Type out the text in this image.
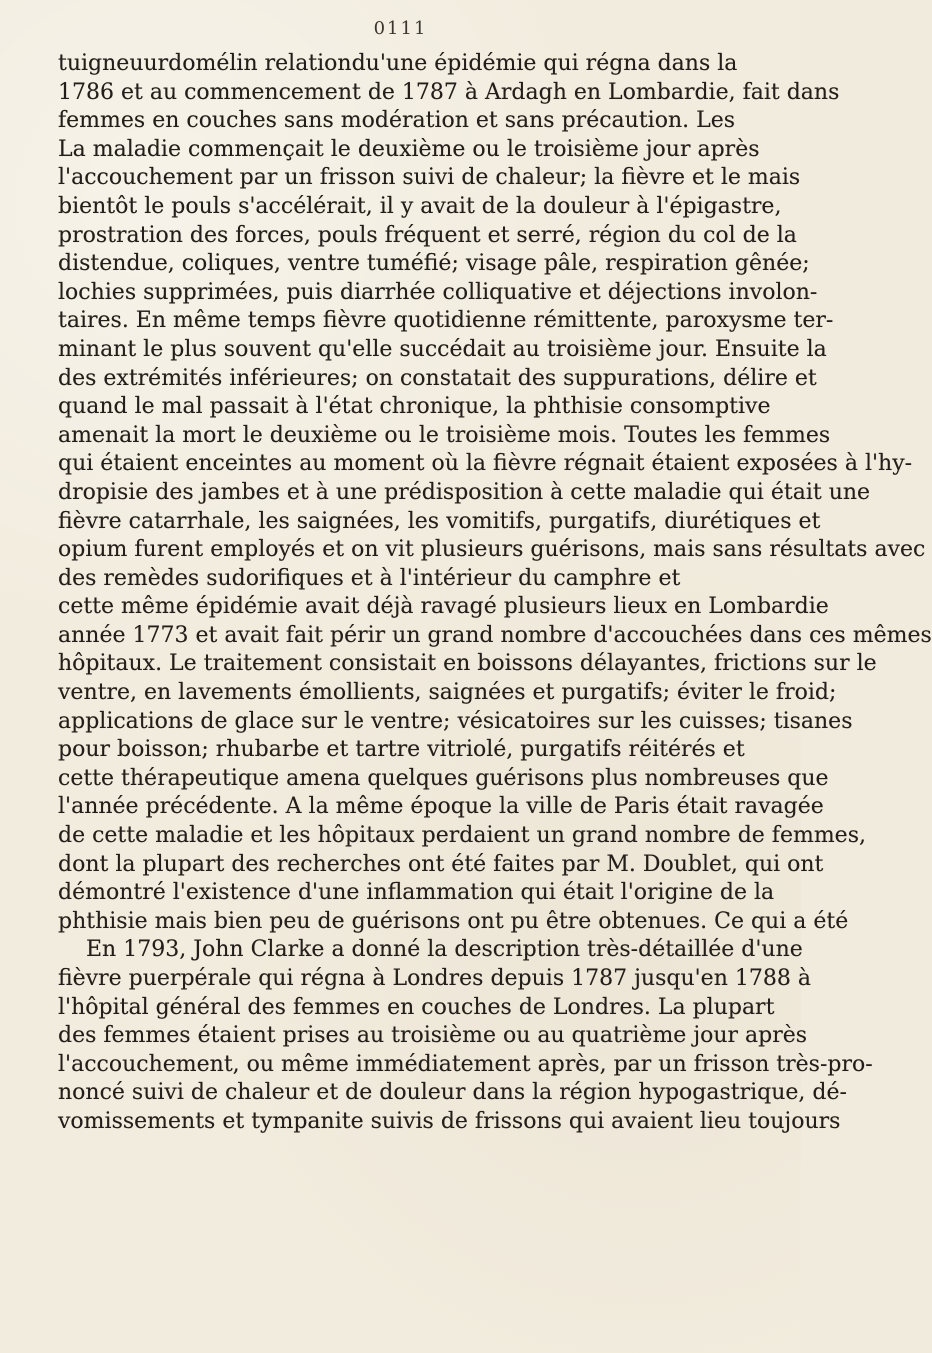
0111
tuigneuurdomélin relationdu'une épidémie qui régna dans la
1786 et au commencement de 1787 à Ardagh en Lombardie, fait dans
femmes en couches sans modération et sans précaution. Les
La maladie commençait le deuxième ou le troisième jour après
l'accouchement par un frisson suivi de chaleur; la fièvre et le mais
bientôt le pouls s'accélérait, il y avait de la douleur à l'épigastre,
prostration des forces, pouls fréquent et serré, région du col de la
distendue, coliques, ventre tuméfié; visage pâle, respiration gênée;
lochies supprimées, puis diarrhée colliquative et déjections involon-
taires. En même temps fièvre quotidienne rémittente, paroxysme ter-
minant le plus souvent qu'elle succédait au troisième jour. Ensuite la
des extrémités inférieures; on constatait des suppurations, délire et
quand le mal passait à l'état chronique, la phthisie consomptive
amenait la mort le deuxième ou le troisième mois. Toutes les femmes
qui étaient enceintes au moment où la fièvre régnait étaient exposées à l'hy-
dropisie des jambes et à une prédisposition à cette maladie qui était une
fièvre catarrhale, les saignées, les vomitifs, purgatifs, diurétiques et
opium furent employés et on vit plusieurs guérisons, mais sans résultats avec
des remèdes sudorifiques et à l'intérieur du camphre et
cette même épidémie avait déjà ravagé plusieurs lieux en Lombardie
année 1773 et avait fait périr un grand nombre d'accouchées dans ces mêmes
hôpitaux. Le traitement consistait en boissons délayantes, frictions sur le
ventre, en lavements émollients, saignées et purgatifs; éviter le froid;
applications de glace sur le ventre; vésicatoires sur les cuisses; tisanes
pour boisson; rhubarbe et tartre vitriolé, purgatifs réitérés et
cette thérapeutique amena quelques guérisons plus nombreuses que
l'année précédente. A la même époque la ville de Paris était ravagée
de cette maladie et les hôpitaux perdaient un grand nombre de femmes,
dont la plupart des recherches ont été faites par M. Doublet, qui ont
démontré l'existence d'une inflammation qui était l'origine de la
phthisie mais bien peu de guérisons ont pu être obtenues. Ce qui a été
En 1793, John Clarke a donné la description très-détaillée d'une
fièvre puerpérale qui régna à Londres depuis 1787 jusqu'en 1788 à
l'hôpital général des femmes en couches de Londres. La plupart
des femmes étaient prises au troisième ou au quatrième jour après
l'accouchement, ou même immédiatement après, par un frisson très-pro-
noncé suivi de chaleur et de douleur dans la région hypogastrique, dé-
vomissements et tympanite suivis de frissons qui avaient lieu toujours
